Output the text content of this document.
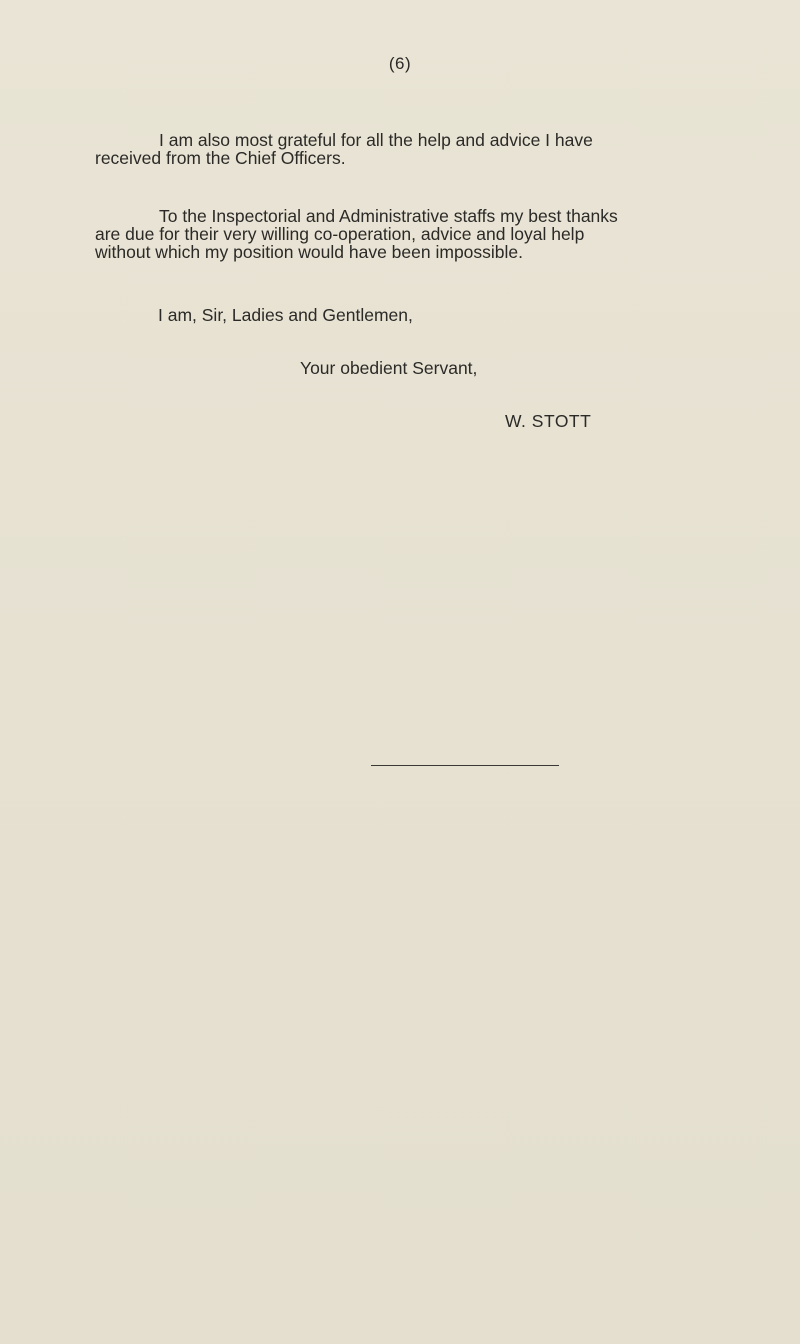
(6)
I am also most grateful for all the help and advice I have
received from the Chief Officers.
To the Inspectorial and Administrative staffs my best thanks
are due for their very willing co-operation, advice and loyal help
without which my position would have been impossible.
I am, Sir, Ladies and Gentlemen,
Your obedient Servant,
W. STOTT
